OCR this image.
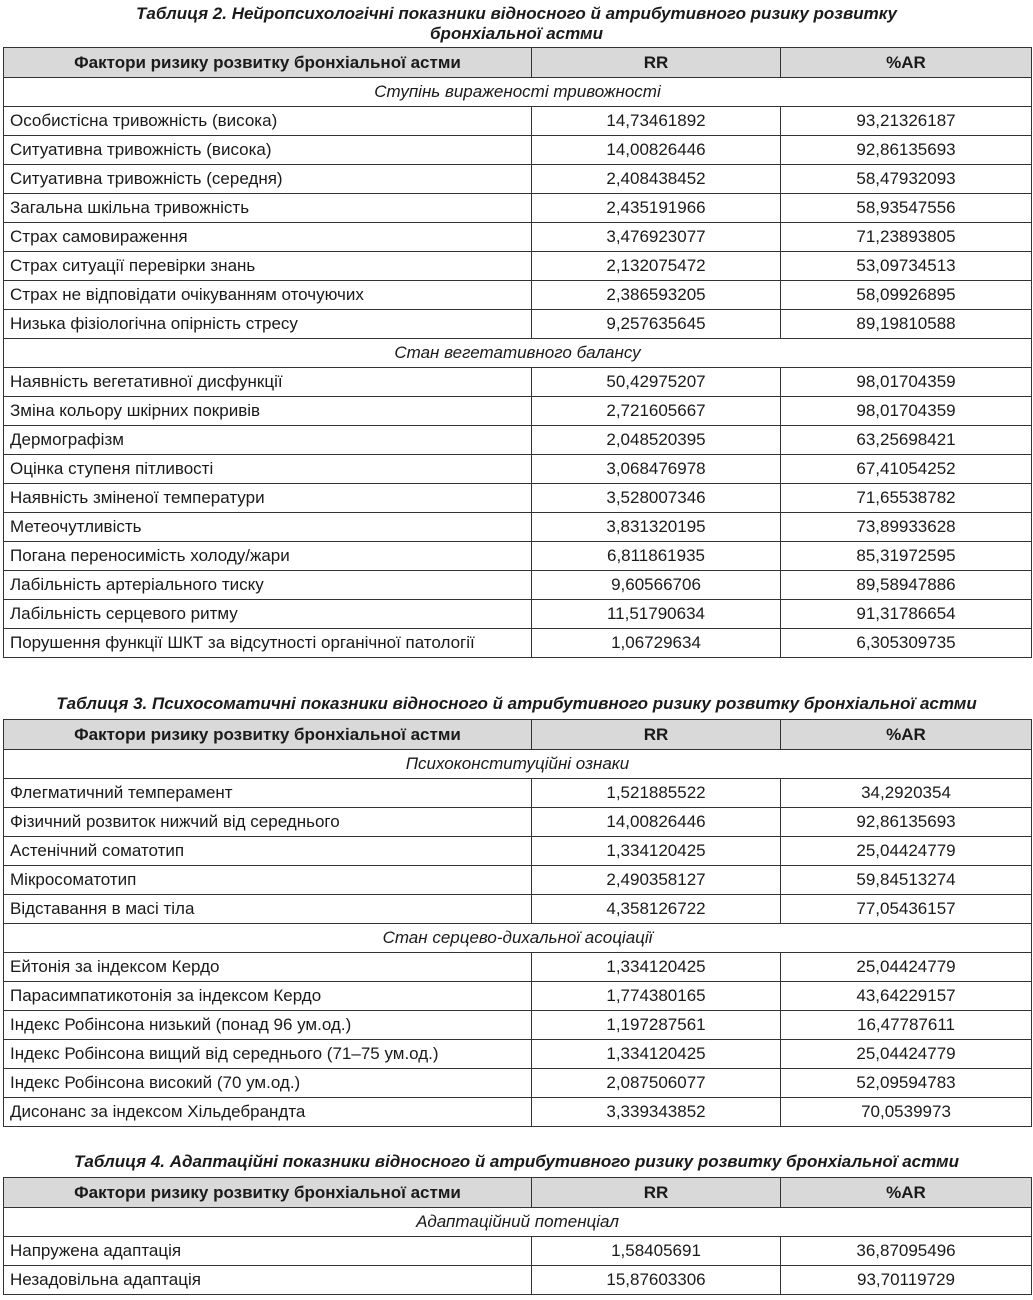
Таблиця 2. Нейропсихологічні показники відносного й атрибутивного ризику розвитку
бронхіальної астми
Фактори ризику розвитку бронхіальної астми	RR	%AR
Ступінь вираженості тривожності		
Особистісна тривожність (висока)	14,73461892	93,21326187
Ситуативна тривожність (висока)	14,00826446	92,86135693
Ситуативна тривожність (середня)	2,408438452	58,47932093
Загальна шкільна тривожність	2,435191966	58,93547556
Страх самовираження	3,476923077	71,23893805
Страх ситуації перевірки знань	2,132075472	53,09734513
Страх не відповідати очікуванням оточуючих	2,386593205	58,09926895
Низька фізіологічна опірність стресу	9,257635645	89,19810588
Стан вегетативного балансу		
Наявність вегетативної дисфункції	50,42975207	98,01704359
Зміна кольору шкірних покривів	2,721605667	98,01704359
Дермографізм	2,048520395	63,25698421
Оцінка ступеня пітливості	3,068476978	67,41054252
Наявність зміненої температури	3,528007346	71,65538782
Метеочутливість	3,831320195	73,89933628
Погана переносимість холоду/жари	6,811861935	85,31972595
Лабільність артеріального тиску	9,60566706	89,58947886
Лабільність серцевого ритму	11,51790634	91,31786654
Порушення функції ШКТ за відсутності органічної патології	1,06729634	6,305309735
Таблиця 3. Психосоматичні показники відносного й атрибутивного ризику розвитку бронхіальної астми
Фактори ризику розвитку бронхіальної астми	RR	%AR
Психоконституційні ознаки		
Флегматичний темперамент	1,521885522	34,2920354
Фізичний розвиток нижчий від середнього	14,00826446	92,86135693
Астенічний соматотип	1,334120425	25,04424779
Мікросоматотип	2,490358127	59,84513274
Відставання в масі тіла	4,358126722	77,05436157
Стан серцево-дихальної асоціації		
Ейтонія за індексом Кердо	1,334120425	25,04424779
Парасимпатикотонія за індексом Кердо	1,774380165	43,64229157
Індекс Робінсона низький (понад 96 ум.од.)	1,197287561	16,47787611
Індекс Робінсона вищий від середнього (71–75 ум.од.)	1,334120425	25,04424779
Індекс Робінсона високий (70 ум.од.)	2,087506077	52,09594783
Дисонанс за індексом Хільдебрандта	3,339343852	70,0539973
Таблиця 4. Адаптаційні показники відносного й атрибутивного ризику розвитку бронхіальної астми
Фактори ризику розвитку бронхіальної астми	RR	%AR
Адаптаційний потенціал		
Напружена адаптація	1,58405691	36,87095496
Незадовільна адаптація	15,87603306	93,70119729
